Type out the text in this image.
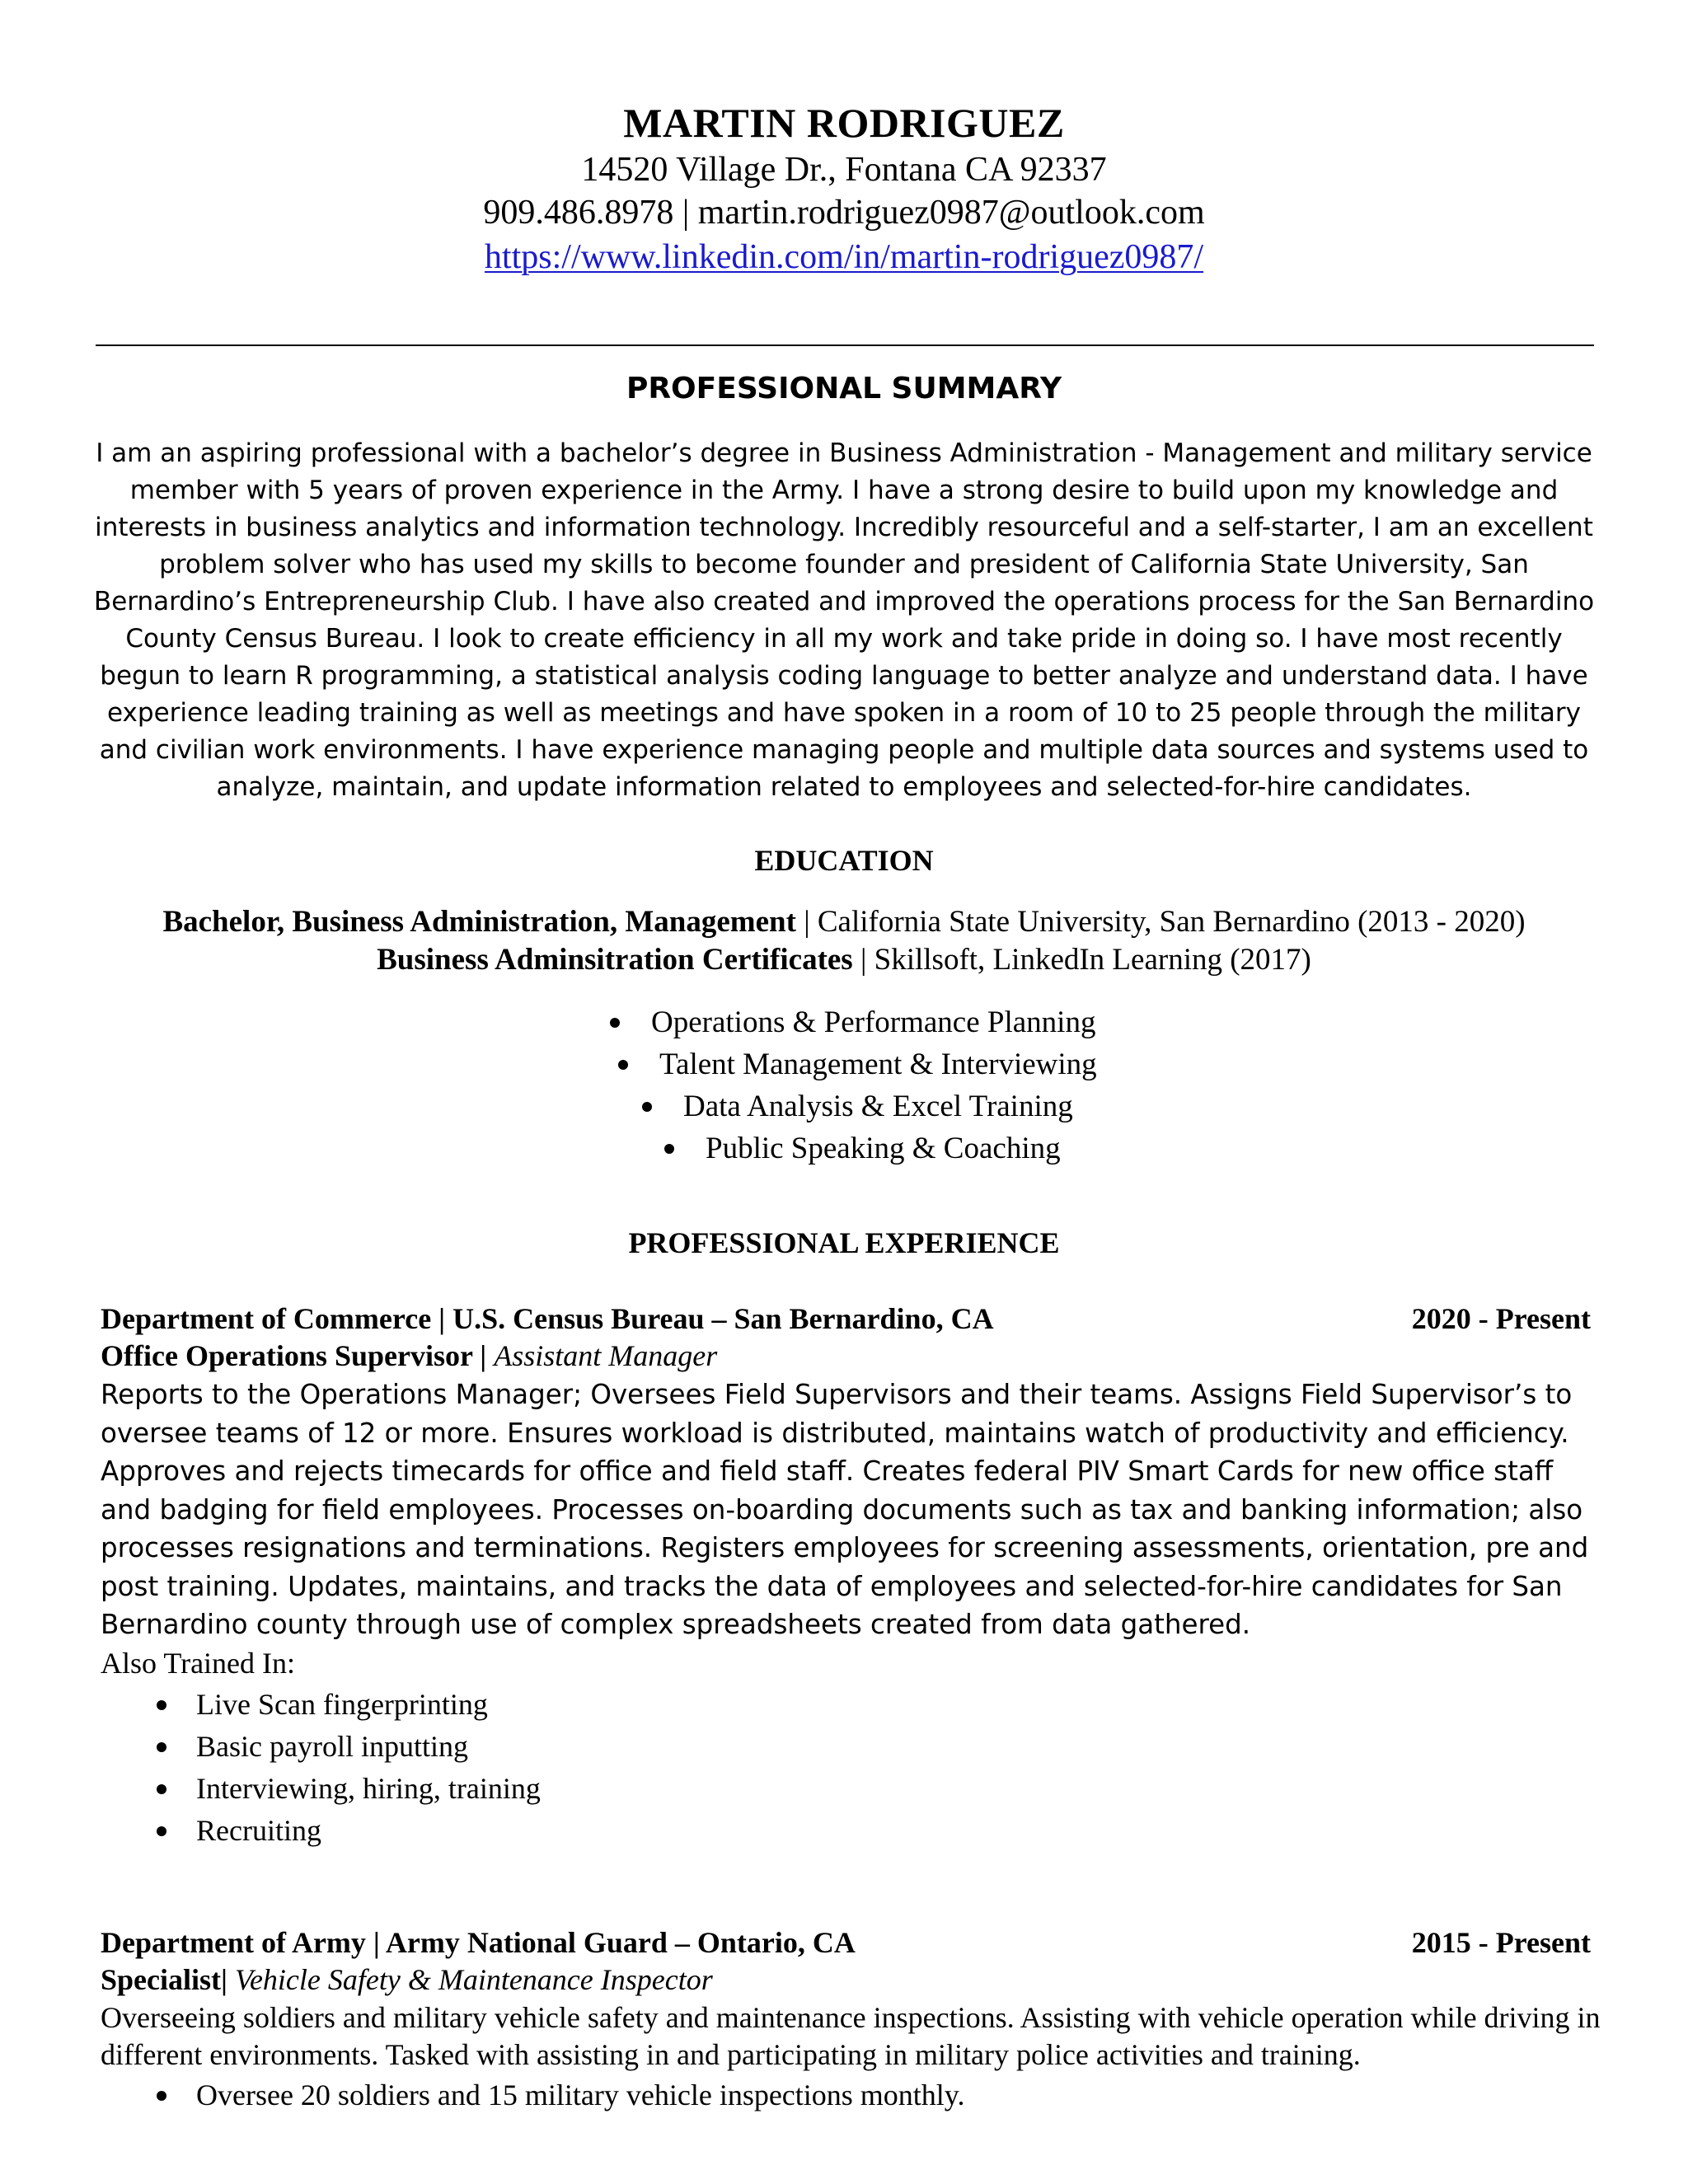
MARTIN RODRIGUEZ
14520 Village Dr., Fontana CA 92337
909.486.8978 | martin.rodriguez0987@outlook.com
https://www.linkedin.com/in/martin-rodriguez0987/
PROFESSIONAL SUMMARY
I am an aspiring professional with a bachelor’s degree in Business Administration - Management and military service member with 5 years of proven experience in the Army. I have a strong desire to build upon my knowledge and interests in business analytics and information technology. Incredibly resourceful and a self-starter, I am an excellent problem solver who has used my skills to become founder and president of California State University, San Bernardino’s Entrepreneurship Club. I have also created and improved the operations process for the San Bernardino County Census Bureau. I look to create efficiency in all my work and take pride in doing so. I have most recently begun to learn R programming, a statistical analysis coding language to better analyze and understand data. I have experience leading training as well as meetings and have spoken in a room of 10 to 25 people through the military and civilian work environments. I have experience managing people and multiple data sources and systems used to analyze, maintain, and update information related to employees and selected-for-hire candidates.
EDUCATION
Bachelor, Business Administration, Management | California State University, San Bernardino (2013 - 2020)
Business Adminsitration Certificates | Skillsoft, LinkedIn Learning (2017)
Operations & Performance Planning
Talent Management & Interviewing
Data Analysis & Excel Training
Public Speaking & Coaching
PROFESSIONAL EXPERIENCE
Department of Commerce | U.S. Census Bureau – San Bernardino, CA	2020 - Present
Office Operations Supervisor | Assistant Manager
Reports to the Operations Manager; Oversees Field Supervisors and their teams. Assigns Field Supervisor’s to oversee teams of 12 or more. Ensures workload is distributed, maintains watch of productivity and efficiency. Approves and rejects timecards for office and field staff. Creates federal PIV Smart Cards for new office staff and badging for field employees. Processes on-boarding documents such as tax and banking information; also processes resignations and terminations. Registers employees for screening assessments, orientation, pre and post training. Updates, maintains, and tracks the data of employees and selected-for-hire candidates for San Bernardino county through use of complex spreadsheets created from data gathered.
Also Trained In:
Live Scan fingerprinting
Basic payroll inputting
Interviewing, hiring, training
Recruiting
Department of Army | Army National Guard – Ontario, CA	2015 - Present
Specialist| Vehicle Safety & Maintenance Inspector
Overseeing soldiers and military vehicle safety and maintenance inspections. Assisting with vehicle operation while driving in different environments. Tasked with assisting in and participating in military police activities and training.
Oversee 20 soldiers and 15 military vehicle inspections monthly.
